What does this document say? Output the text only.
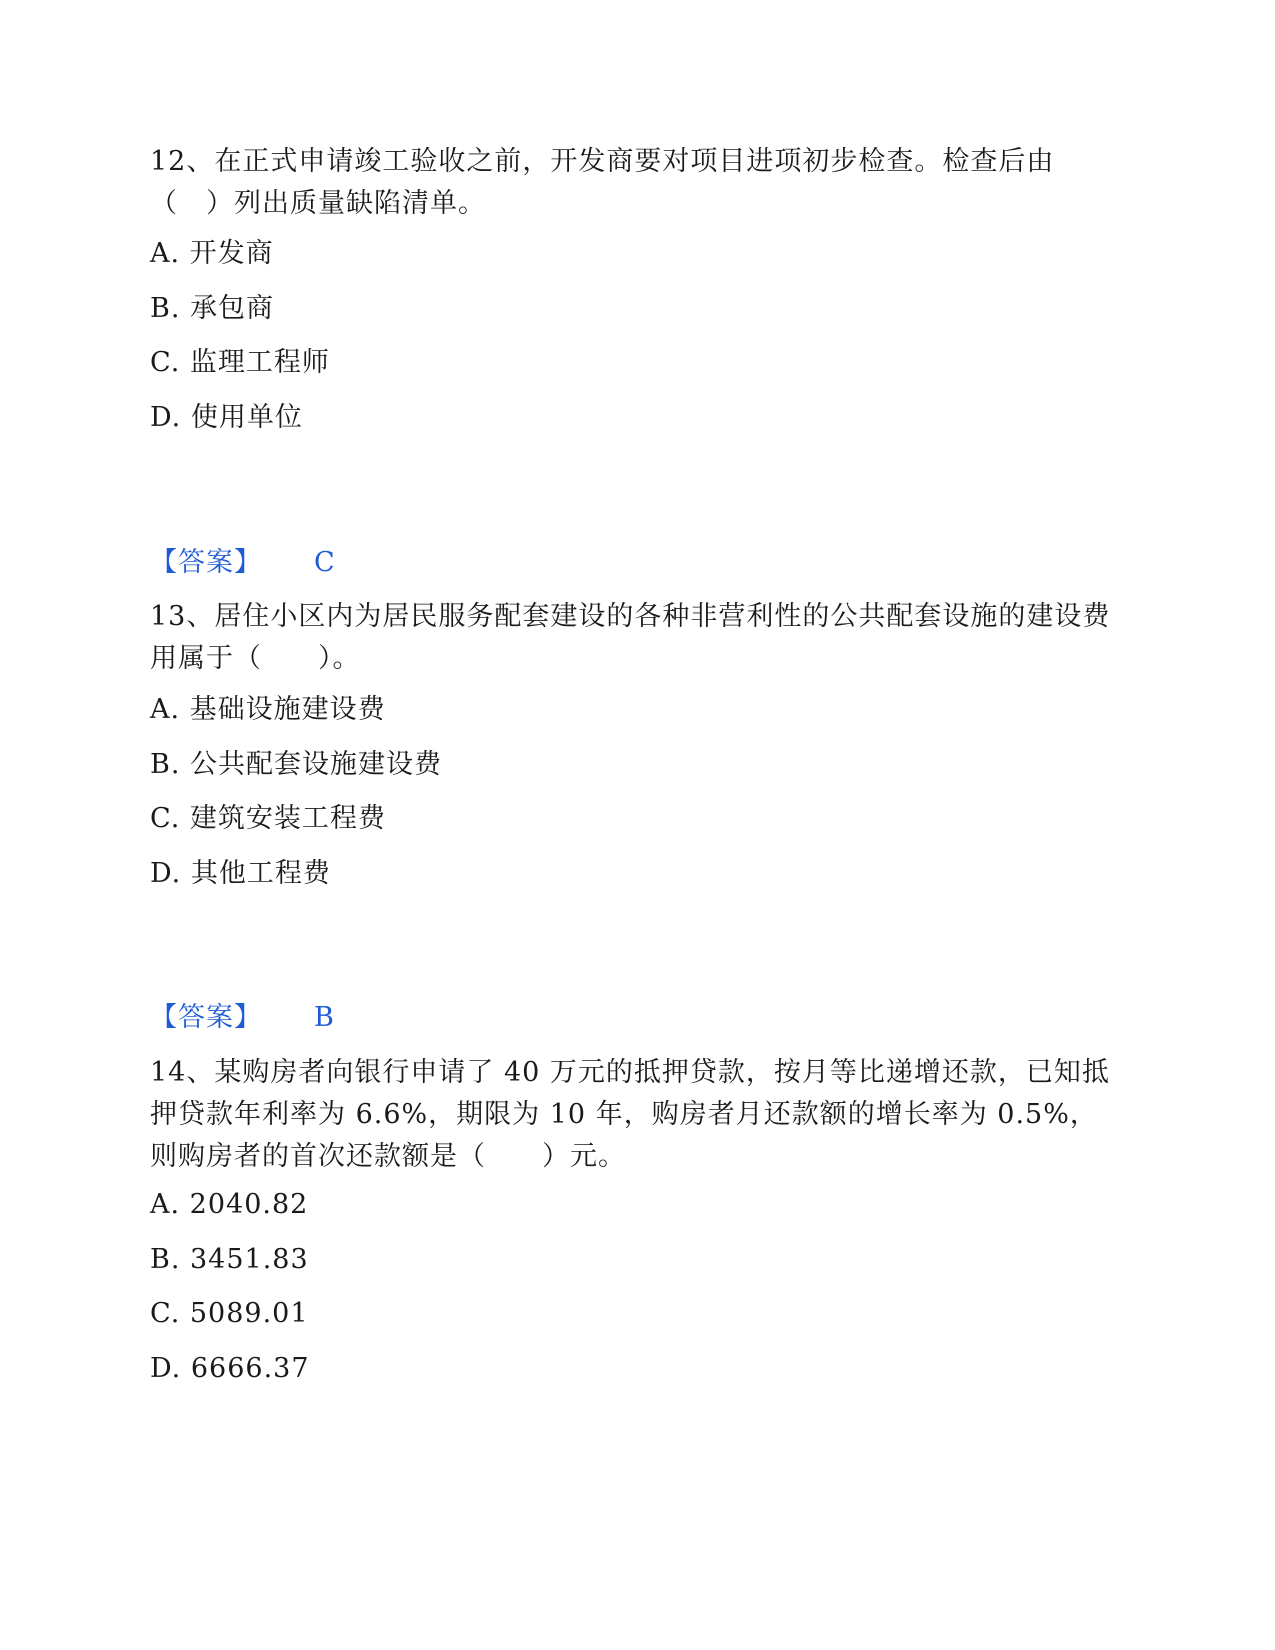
12、在正式申请竣工验收之前，开发商要对项目进项初步检查。检查后由（　）列出质量缺陷清单。

A. 开发商

B. 承包商

C. 监理工程师

D. 使用单位

【答案】 C

13、居住小区内为居民服务配套建设的各种非营利性的公共配套设施的建设费用属于（　　）。

A. 基础设施建设费

B. 公共配套设施建设费

C. 建筑安装工程费

D. 其他工程费

【答案】 B

14、某购房者向银行申请了 40 万元的抵押贷款，按月等比递增还款，已知抵押贷款年利率为 6.6%，期限为 10 年，购房者月还款额的增长率为 0.5%，则购房者的首次还款额是（　　）元。

A. 2040.82

B. 3451.83

C. 5089.01

D. 6666.37
